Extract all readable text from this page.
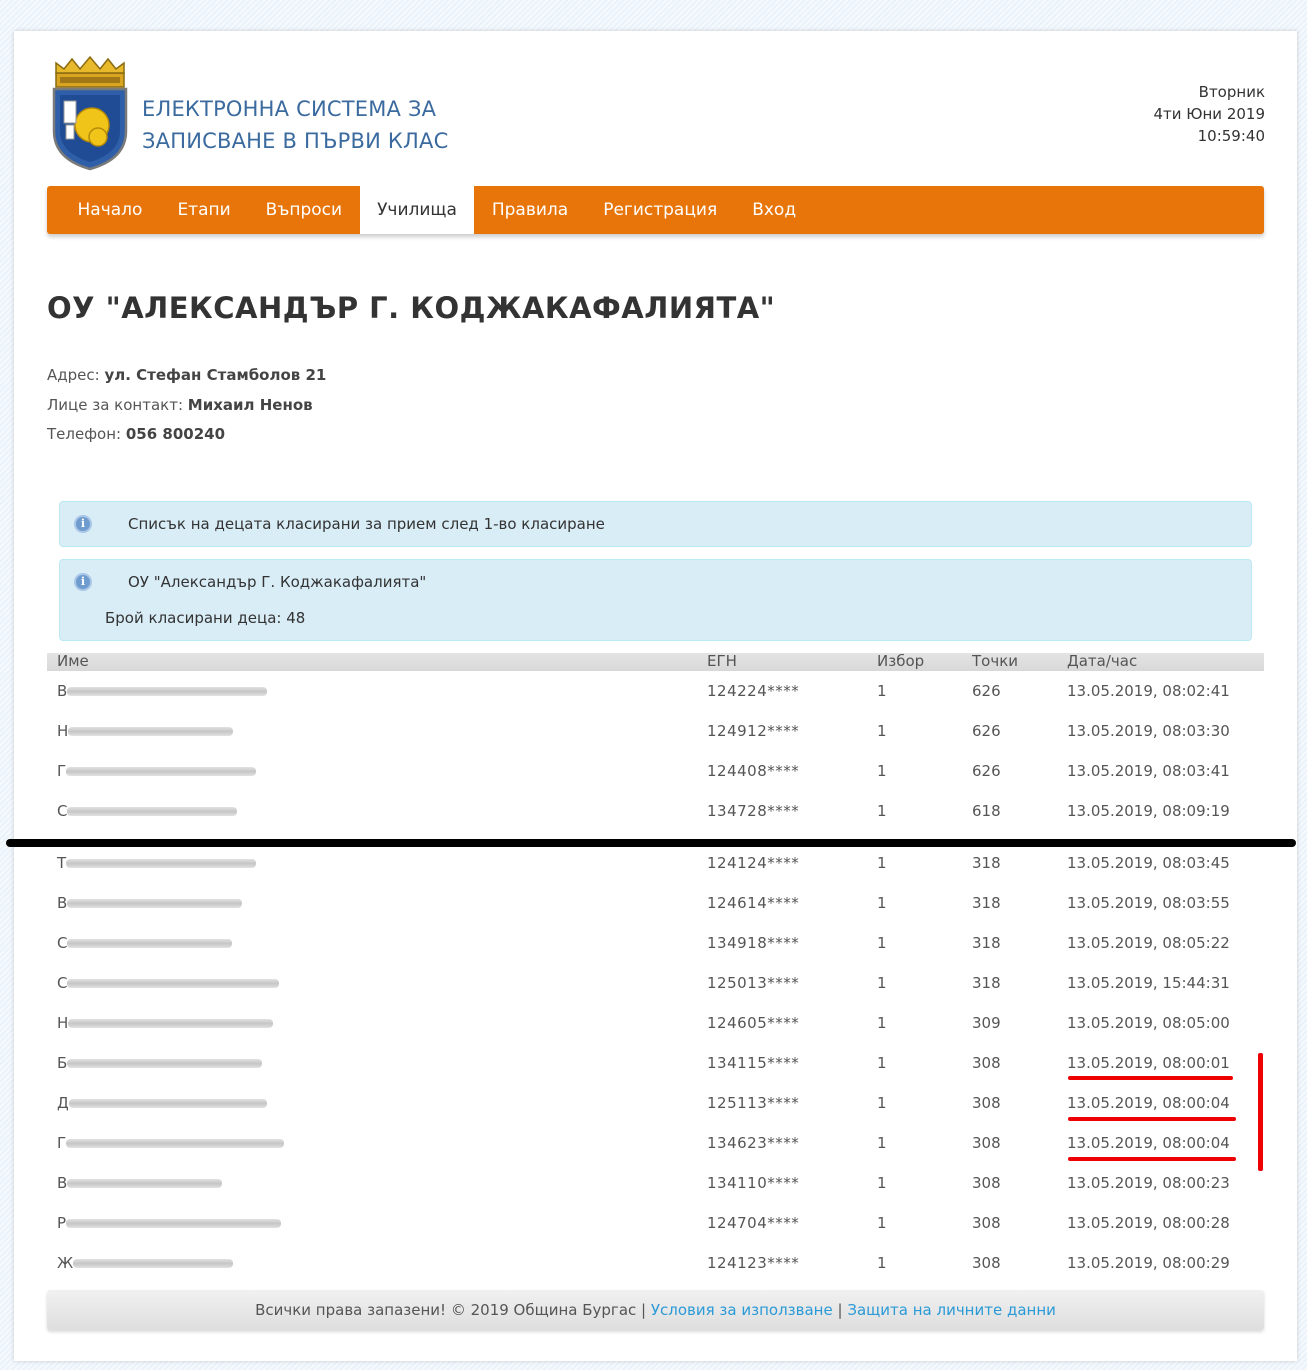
ЕЛЕКТРОННА СИСТЕМА ЗА
ЗАПИСВАНЕ В ПЪРВИ КЛАС
Вторник
4ти Юни 2019
10:59:40
Начало	Етапи	Въпроси	Училища	Правила	Регистрация	Вход
ОУ "АЛЕКСАНДЪР Г. КОДЖАКАФАЛИЯТА"
Адрес: ул. Стефан Стамболов 21
Лице за контакт: Михаил Ненов
Телефон: 056 800240
i	Списък на децата класирани за прием след 1-во класиране
i	ОУ "Александър Г. Коджакафалията"
Брой класирани деца: 48
Име	ЕГН	Избор	Точки	Дата/час
В	124224****	1	626	13.05.2019, 08:02:41
Н	124912****	1	626	13.05.2019, 08:03:30
Г	124408****	1	626	13.05.2019, 08:03:41
С	134728****	1	618	13.05.2019, 08:09:19
Т	124124****	1	318	13.05.2019, 08:03:45
В	124614****	1	318	13.05.2019, 08:03:55
С	134918****	1	318	13.05.2019, 08:05:22
С	125013****	1	318	13.05.2019, 15:44:31
Н	124605****	1	309	13.05.2019, 08:05:00
Б	134115****	1	308	13.05.2019, 08:00:01
Д	125113****	1	308	13.05.2019, 08:00:04
Г	134623****	1	308	13.05.2019, 08:00:04
В	134110****	1	308	13.05.2019, 08:00:23
Р	124704****	1	308	13.05.2019, 08:00:28
Ж	124123****	1	308	13.05.2019, 08:00:29
Всички права запазени! © 2019 Община Бургас | Условия за използване | Защита на личните данни
